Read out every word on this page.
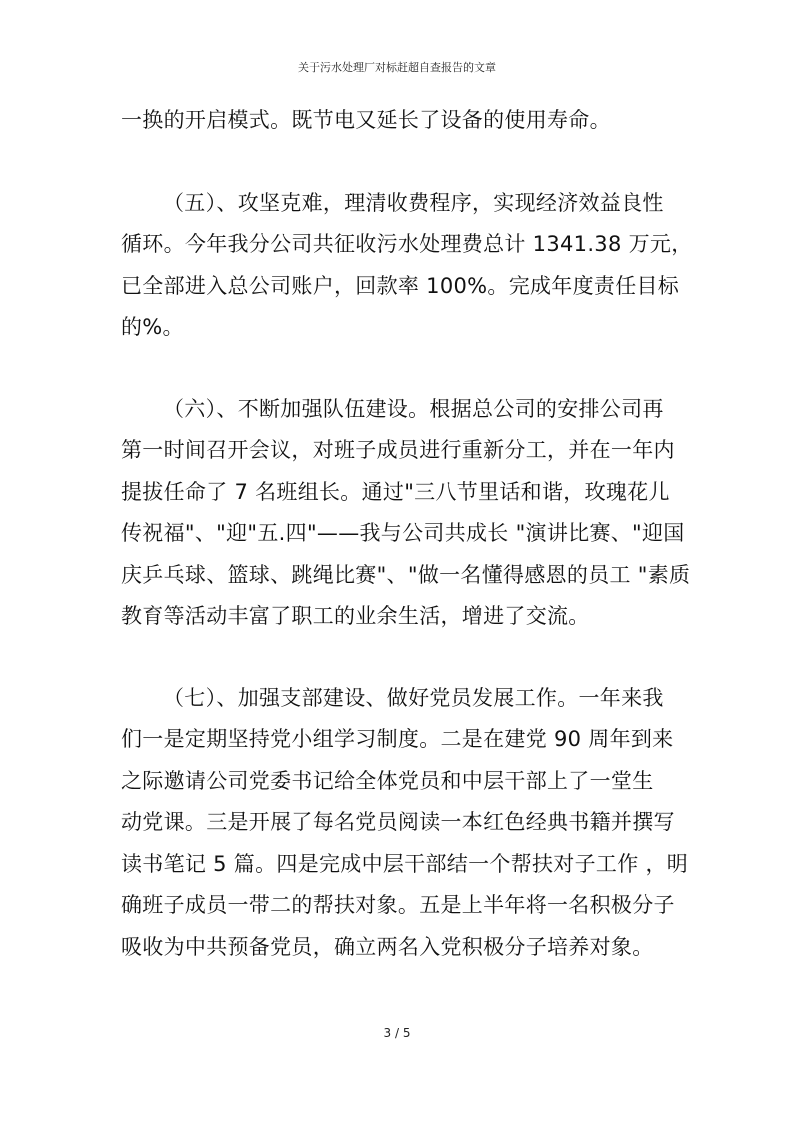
关于污水处理厂对标赶超自查报告的文章

一换的开启模式。既节电又延长了设备的使用寿命。

（五）、攻坚克难，理清收费程序，实现经济效益良性
循环。今年我分公司共征收污水处理费总计 1341.38 万元，
已全部进入总公司账户，回款率 100%。完成年度责任目标
的%。

（六）、不断加强队伍建设。根据总公司的安排公司再
第一时间召开会议，对班子成员进行重新分工，并在一年内
提拔任命了 7 名班组长。通过"三八节里话和谐，玫瑰花儿
传祝福"、"迎"五.四"——我与公司共成长 "演讲比赛、"迎国
庆乒乓球、篮球、跳绳比赛"、"做一名懂得感恩的员工 "素质
教育等活动丰富了职工的业余生活，增进了交流。

（七）、加强支部建设、做好党员发展工作。一年来我
们一是定期坚持党小组学习制度。二是在建党 90 周年到来
之际邀请公司党委书记给全体党员和中层干部上了一堂生
动党课。三是开展了每名党员阅读一本红色经典书籍并撰写
读书笔记 5 篇。四是完成中层干部结一个帮扶对子工作 ，明
确班子成员一带二的帮扶对象。五是上半年将一名积极分子
吸收为中共预备党员，确立两名入党积极分子培养对象。

3 / 5
